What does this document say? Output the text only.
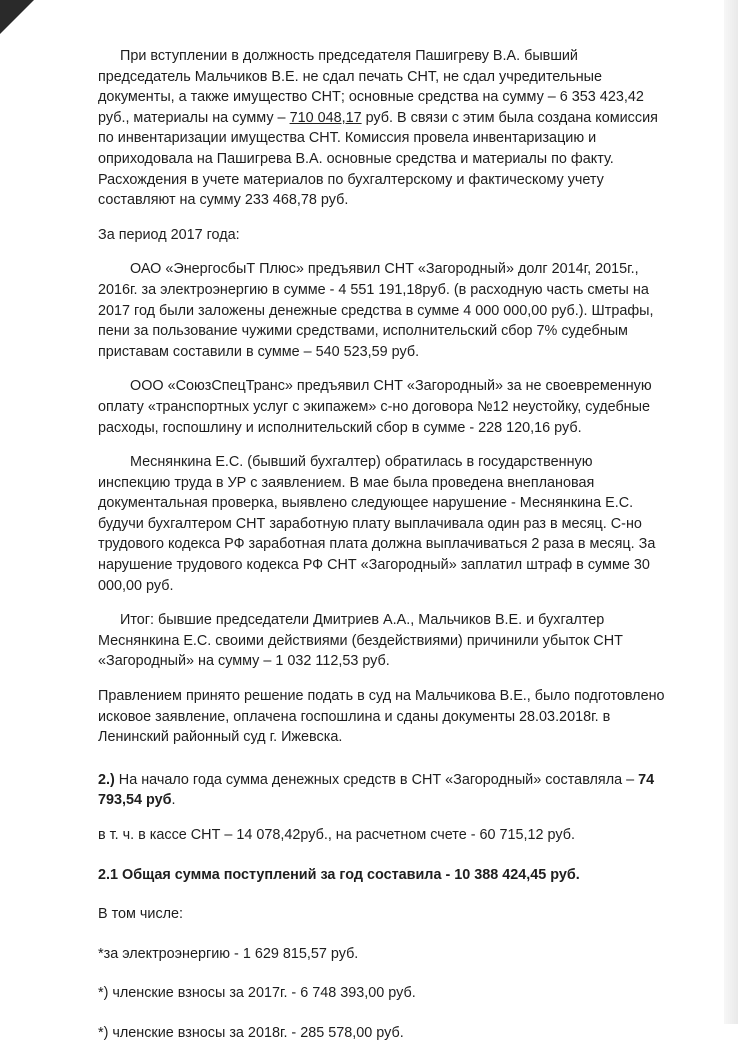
При вступлении в должность председателя Пашигреву В.А. бывший председатель Мальчиков В.Е. не сдал печать СНТ, не сдал учредительные документы, а также имущество СНТ; основные средства на сумму – 6 353 423,42 руб., материалы на сумму – 710 048,17 руб. В связи с этим была создана комиссия по инвентаризации имущества СНТ. Комиссия провела инвентаризацию и оприходовала на Пашигрева В.А. основные средства и материалы по факту. Расхождения в учете материалов по бухгалтерскому и фактическому учету составляют на сумму 233 468,78 руб.

За период 2017 года:

ОАО «ЭнергосбыТ Плюс» предъявил СНТ «Загородный» долг 2014г, 2015г., 2016г. за электроэнергию в сумме - 4 551 191,18руб. (в расходную часть сметы на 2017 год были заложены денежные средства в сумме 4 000 000,00 руб.). Штрафы, пени за пользование чужими средствами, исполнительский сбор 7% судебным приставам составили в сумме – 540 523,59 руб.

ООО «СоюзСпецТранс» предъявил СНТ «Загородный» за не своевременную оплату «транспортных услуг с экипажем» с-но договора №12 неустойку, судебные расходы, госпошлину и исполнительский сбор в сумме - 228 120,16 руб.

Меснянкина Е.С. (бывший бухгалтер) обратилась в государственную инспекцию труда в УР с заявлением. В мае была проведена внеплановая документальная проверка, выявлено следующее нарушение - Меснянкина Е.С. будучи бухгалтером СНТ заработную плату выплачивала один раз в месяц. С-но трудового кодекса РФ заработная плата должна выплачиваться 2 раза в месяц. За нарушение трудового кодекса РФ СНТ «Загородный» заплатил штраф в сумме 30 000,00 руб.

Итог: бывшие председатели Дмитриев А.А., Мальчиков В.Е. и бухгалтер Меснянкина Е.С. своими действиями (бездействиями) причинили убыток СНТ «Загородный» на сумму – 1 032 112,53 руб.

Правлением принято решение подать в суд на Мальчикова В.Е., было подготовлено исковое заявление, оплачена госпошлина и сданы документы 28.03.2018г. в Ленинский районный суд г. Ижевска.

2.) На начало года сумма денежных средств в СНТ «Загородный» составляла – 74 793,54 руб.

в т. ч. в кассе СНТ – 14 078,42руб., на расчетном счете - 60 715,12 руб.

2.1 Общая сумма поступлений за год составила - 10 388 424,45 руб.

В том числе:

*за электроэнергию - 1 629 815,57 руб.

*) членские взносы за 2017г. - 6 748 393,00 руб.

*) членские взносы за 2018г. - 285 578,00 руб.
